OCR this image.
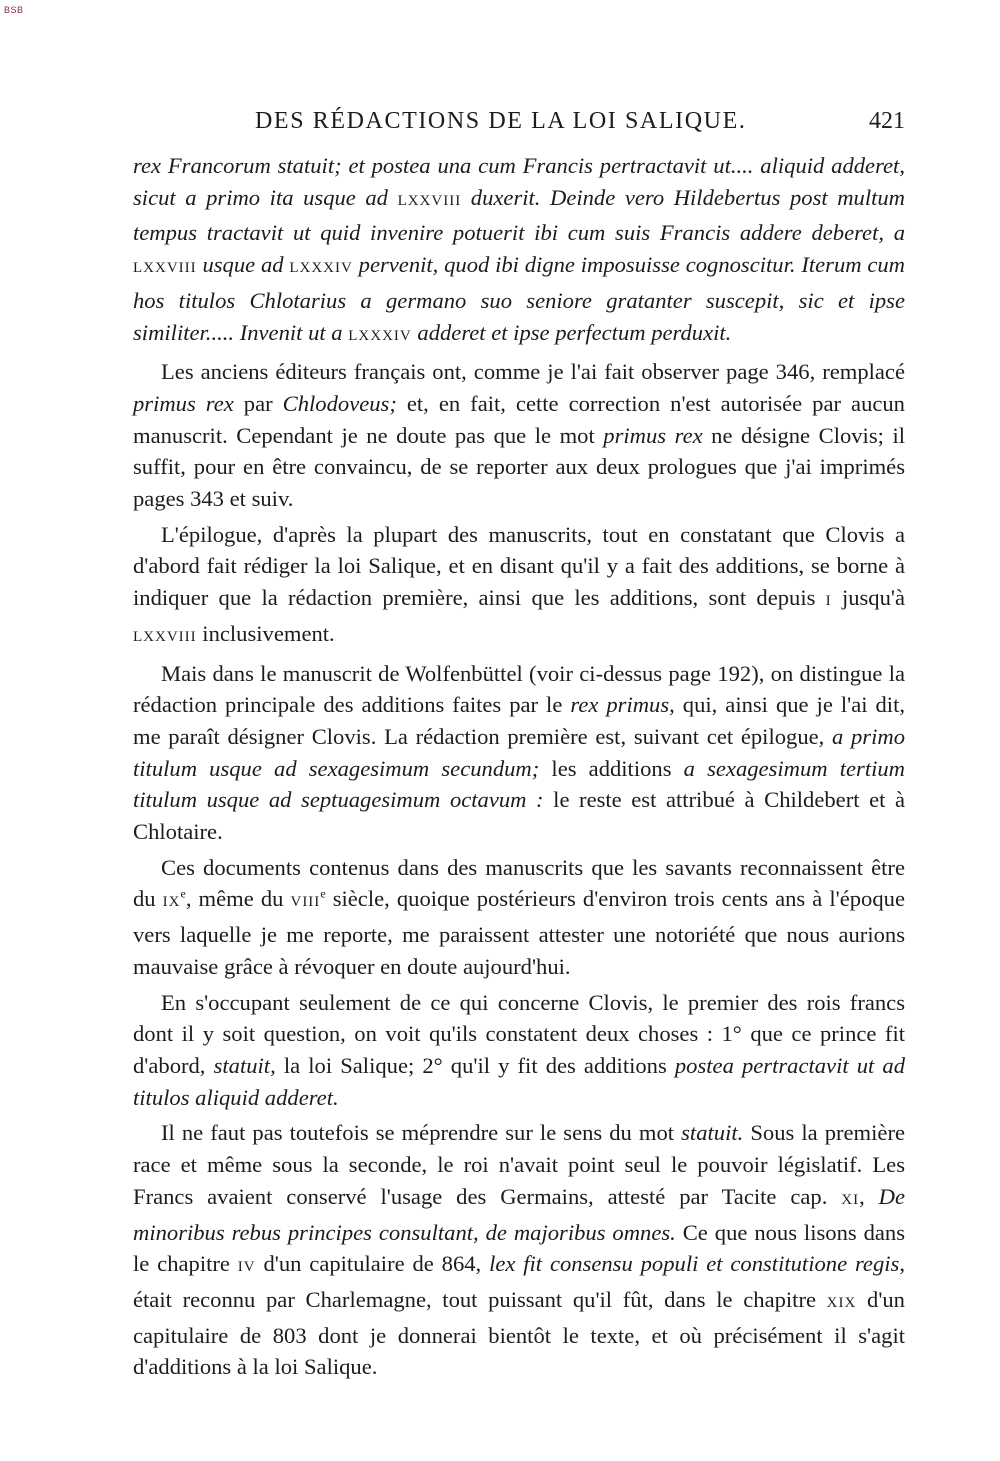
BSB
DES RÉDACTIONS DE LA LOI SALIQUE.	421

rex Francorum statuit; et postea una cum Francis pertractavit ut.... aliquid adderet, sicut a primo ita usque ad LXXVIII duxerit. Deinde vero Hildebertus post multum tempus tractavit ut quid invenire potuerit ibi cum suis Francis addere deberet, a LXXVIII usque ad LXXXIV pervenit, quod ibi digne imposuisse cognoscitur. Iterum cum hos titulos Chlotarius a germano suo seniore gratanter suscepit, sic et ipse similiter..... Invenit ut a LXXXIV adderet et ipse perfectum perduxit.

Les anciens éditeurs français ont, comme je l'ai fait observer page 346, remplacé primus rex par Chlodoveus; et, en fait, cette correction n'est autorisée par aucun manuscrit. Cependant je ne doute pas que le mot primus rex ne désigne Clovis; il suffit, pour en être convaincu, de se reporter aux deux prologues que j'ai imprimés pages 343 et suiv.

L'épilogue, d'après la plupart des manuscrits, tout en constatant que Clovis a d'abord fait rédiger la loi Salique, et en disant qu'il y a fait des additions, se borne à indiquer que la rédaction première, ainsi que les additions, sont depuis I jusqu'à LXXVIII inclusivement.

Mais dans le manuscrit de Wolfenbüttel (voir ci-dessus page 192), on distingue la rédaction principale des additions faites par le rex primus, qui, ainsi que je l'ai dit, me paraît désigner Clovis. La rédaction première est, suivant cet épilogue, a primo titulum usque ad sexagesimum secundum; les additions a sexagesimum tertium titulum usque ad septuagesimum octavum : le reste est attribué à Childebert et à Chlotaire.

Ces documents contenus dans des manuscrits que les savants reconnaissent être du IXe, même du VIIIe siècle, quoique postérieurs d'environ trois cents ans à l'époque vers laquelle je me reporte, me paraissent attester une notoriété que nous aurions mauvaise grâce à révoquer en doute aujourd'hui.

En s'occupant seulement de ce qui concerne Clovis, le premier des rois francs dont il y soit question, on voit qu'ils constatent deux choses : 1° que ce prince fit d'abord, statuit, la loi Salique; 2° qu'il y fit des additions postea pertractavit ut ad titulos aliquid adderet.

Il ne faut pas toutefois se méprendre sur le sens du mot statuit. Sous la première race et même sous la seconde, le roi n'avait point seul le pouvoir législatif. Les Francs avaient conservé l'usage des Germains, attesté par Tacite cap. XI, De minoribus rebus principes consultant, de majoribus omnes. Ce que nous lisons dans le chapitre IV d'un capitulaire de 864, lex fit consensu populi et constitutione regis, était reconnu par Charlemagne, tout puissant qu'il fût, dans le chapitre XIX d'un capitulaire de 803 dont je donnerai bientôt le texte, et où précisément il s'agit d'additions à la loi Salique.
